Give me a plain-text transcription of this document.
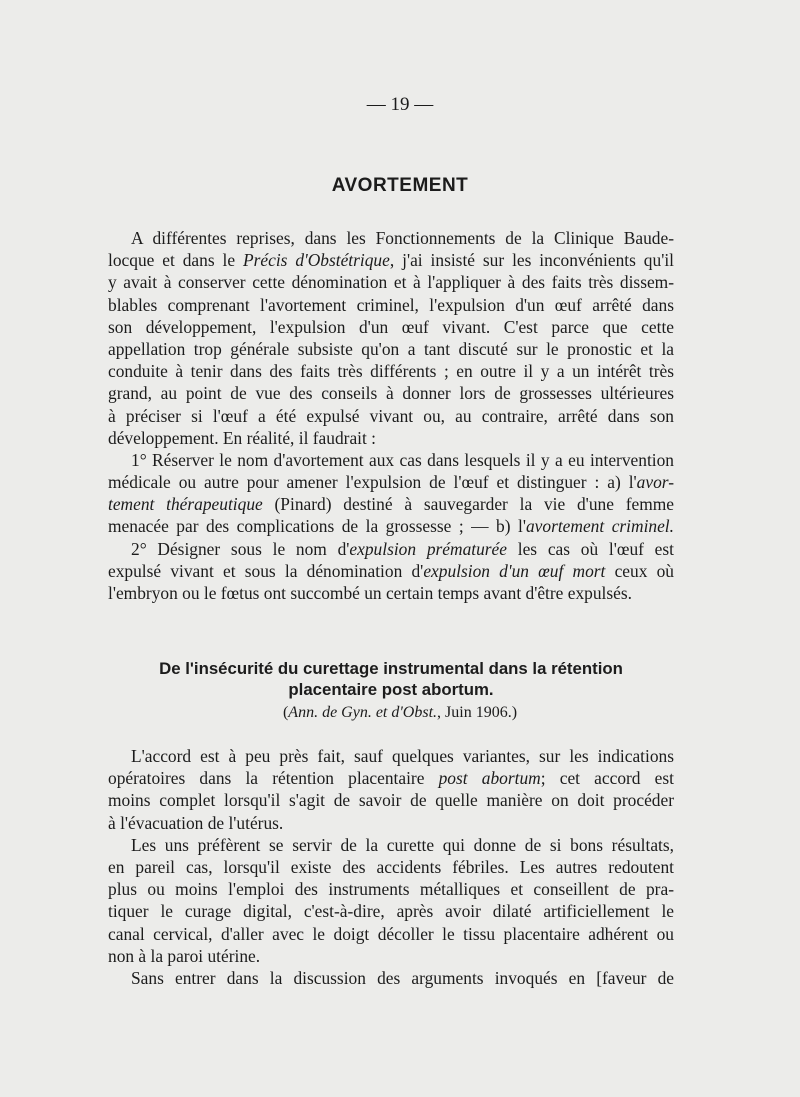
— 19 —
AVORTEMENT
A différentes reprises, dans les Fonctionnements de la Clinique Baude-
locque et dans le Précis d'Obstétrique, j'ai insisté sur les inconvénients qu'il
y avait à conserver cette dénomination et à l'appliquer à des faits très dissem-
blables comprenant l'avortement criminel, l'expulsion d'un œuf arrêté dans
son développement, l'expulsion d'un œuf vivant. C'est parce que cette
appellation trop générale subsiste qu'on a tant discuté sur le pronostic et la
conduite à tenir dans des faits très différents ; en outre il y a un intérêt très
grand, au point de vue des conseils à donner lors de grossesses ultérieures
à préciser si l'œuf a été expulsé vivant ou, au contraire, arrêté dans son
développement. En réalité, il faudrait :
1° Réserver le nom d'avortement aux cas dans lesquels il y a eu intervention
médicale ou autre pour amener l'expulsion de l'œuf et distinguer : a) l'avor-
tement thérapeutique (Pinard) destiné à sauvegarder la vie d'une femme
menacée par des complications de la grossesse ; — b) l'avortement criminel.
2° Désigner sous le nom d'expulsion prématurée les cas où l'œuf est
expulsé vivant et sous la dénomination d'expulsion d'un œuf mort ceux où
l'embryon ou le fœtus ont succombé un certain temps avant d'être expulsés.
De l'insécurité du curettage instrumental dans la rétention
placentaire post abortum.
(Ann. de Gyn. et d'Obst., Juin 1906.)
L'accord est à peu près fait, sauf quelques variantes, sur les indications
opératoires dans la rétention placentaire post abortum; cet accord est
moins complet lorsqu'il s'agit de savoir de quelle manière on doit procéder
à l'évacuation de l'utérus.
Les uns préfèrent se servir de la curette qui donne de si bons résultats,
en pareil cas, lorsqu'il existe des accidents fébriles. Les autres redoutent
plus ou moins l'emploi des instruments métalliques et conseillent de pra-
tiquer le curage digital, c'est-à-dire, après avoir dilaté artificiellement le
canal cervical, d'aller avec le doigt décoller le tissu placentaire adhérent ou
non à la paroi utérine.
Sans entrer dans la discussion des arguments invoqués en [faveur de
